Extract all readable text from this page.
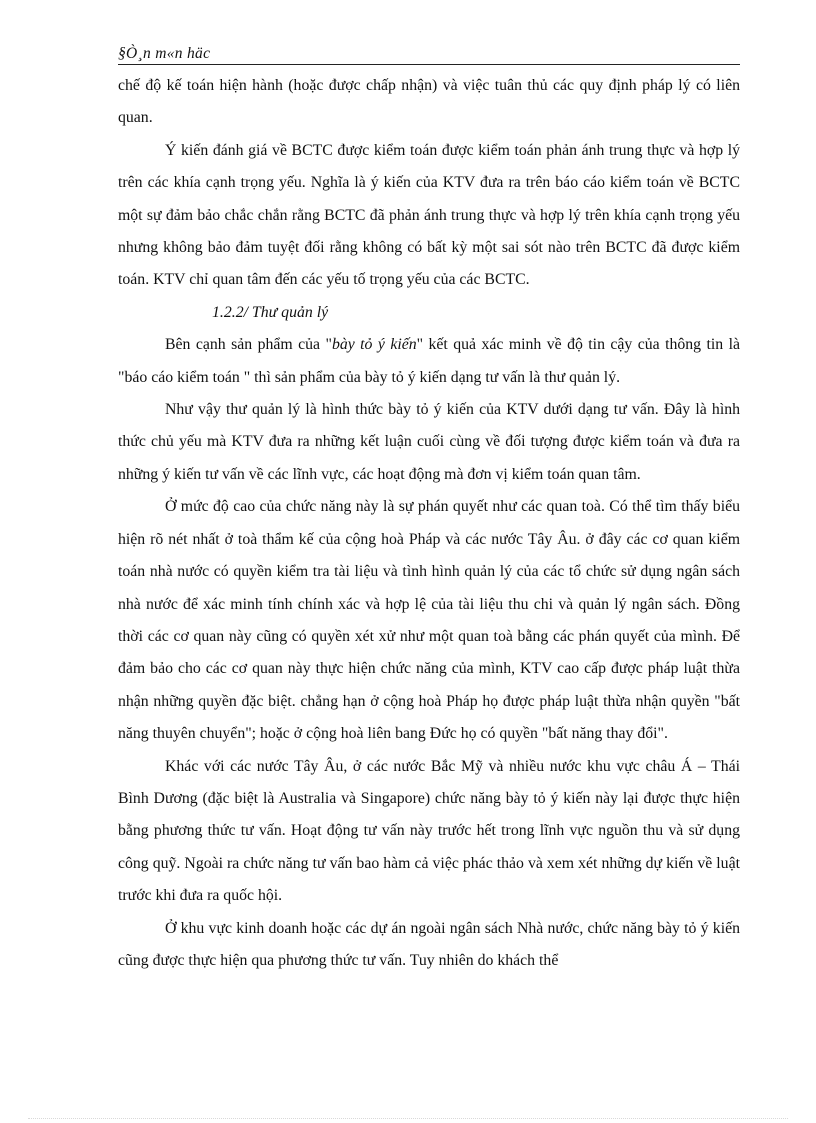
§Ò¸n m«n häc

chế độ kế toán hiện hành (hoặc được chấp nhận) và việc tuân thủ các quy định pháp lý có liên quan.

Ý kiến đánh giá về BCTC được kiểm toán được kiểm toán phản ánh trung thực và hợp lý trên các khía cạnh trọng yếu. Nghĩa là ý kiến của KTV đưa ra trên báo cáo kiểm toán về BCTC một sự đảm bảo chắc chắn rằng BCTC đã phản ánh trung thực và hợp lý trên khía cạnh trọng yếu nhưng không bảo đảm tuyệt đối rằng không có bất kỳ một sai sót nào trên BCTC đã được kiểm toán. KTV chỉ quan tâm đến các yếu tố trọng yếu của các BCTC.

1.2.2/ Thư quản lý

Bên cạnh sản phẩm của "bày tỏ ý kiến" kết quả xác minh về độ tin cậy của thông tin là "báo cáo kiểm toán " thì sản phẩm của bày tỏ ý kiến dạng tư vấn là thư quản lý.

Như vậy thư quản lý là hình thức bày tỏ ý kiến của KTV dưới dạng tư vấn. Đây là hình thức chủ yếu mà KTV đưa ra những kết luận cuối cùng về đối tượng được kiểm toán và đưa ra những ý kiến tư vấn về các lĩnh vực, các hoạt động mà đơn vị kiểm toán quan tâm.

Ở mức độ cao của chức năng này là sự phán quyết như các quan toà. Có thể tìm thấy biểu hiện rõ nét nhất ở toà thẩm kế của cộng hoà Pháp và các nước Tây Âu. ở đây các cơ quan kiểm toán nhà nước có quyền kiểm tra tài liệu và tình hình quản lý của các tổ chức sử dụng ngân sách nhà nước để xác minh tính chính xác và hợp lệ của tài liệu thu chi và quản lý ngân sách. Đồng thời các cơ quan này cũng có quyền xét xử như một quan toà bằng các phán quyết của mình. Để đảm bảo cho các cơ quan này thực hiện chức năng của mình, KTV cao cấp được pháp luật thừa nhận những quyền đặc biệt. chẳng hạn ở cộng hoà Pháp họ được pháp luật thừa nhận quyền "bất năng thuyên chuyển"; hoặc ở cộng hoà liên bang Đức họ có quyền "bất năng thay đổi".

Khác với các nước Tây Âu, ở các nước Bắc Mỹ và nhiều nước khu vực châu Á – Thái Bình Dương (đặc biệt là Australia và Singapore) chức năng bày tỏ ý kiến này lại được thực hiện bằng phương thức tư vấn. Hoạt động tư vấn này trước hết trong lĩnh vực nguồn thu và sử dụng công quỹ. Ngoài ra chức năng tư vấn bao hàm cả việc phác thảo và xem xét những dự kiến về luật trước khi đưa ra quốc hội.

Ở khu vực kinh doanh hoặc các dự án ngoài ngân sách Nhà nước, chức năng bày tỏ ý kiến cũng được thực hiện qua phương thức tư vấn. Tuy nhiên do khách thể
